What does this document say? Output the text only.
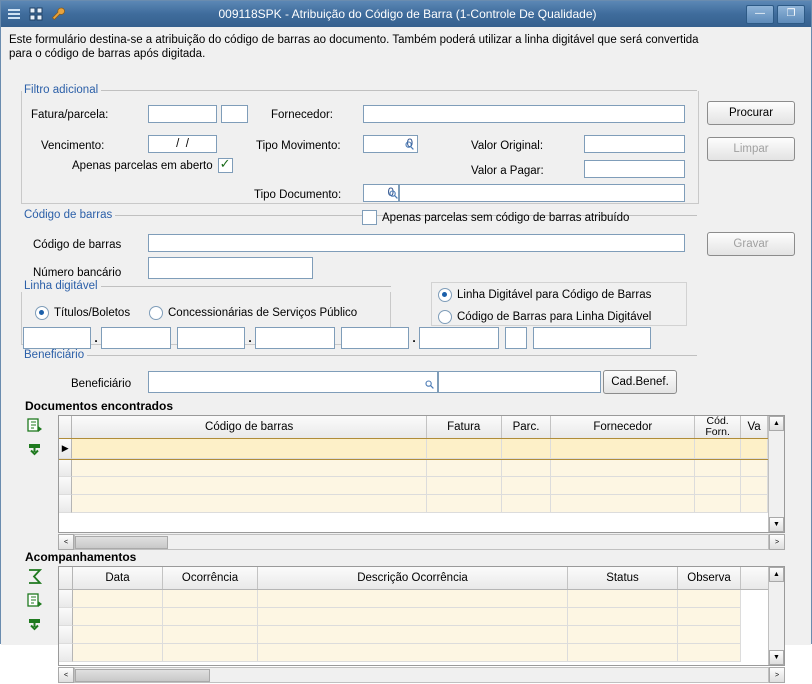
009118SPK - Atribuição do Código de Barra (1-Controle De Qualidade)	—	❐
Este formulário destina-se a atribuição do código de barras ao documento. Também poderá utilizar a linha digitável que será convertida para o código de barras após digitada.
Filtro adicional
Fatura/parcela:
Vencimento:
/ /
Apenas parcelas em aberto
✓
Fornecedor:
Tipo Movimento:
0
Tipo Documento:
0
Valor Original:
Valor a Pagar:
Procurar
Limpar
Gravar
Código de barras	Apenas parcelas sem código de barras atribuído
Código de barras
Número bancário
Linha digitável
Títulos/Boletos	Concessionárias de Serviços Público
Linha Digitável para Código de Barras
Código de Barras para Linha Digitável
.	.	.
Beneficiário
Beneficiário	Cad.Benef.
Documentos encontrados
Código de barras	Fatura	Parc.	Fornecedor	Cód. Forn.	Va
▶
▲
▼
<	>
Acompanhamentos
Data	Ocorrência	Descrição Ocorrência	Status	Observa	▲
▼
<	>
